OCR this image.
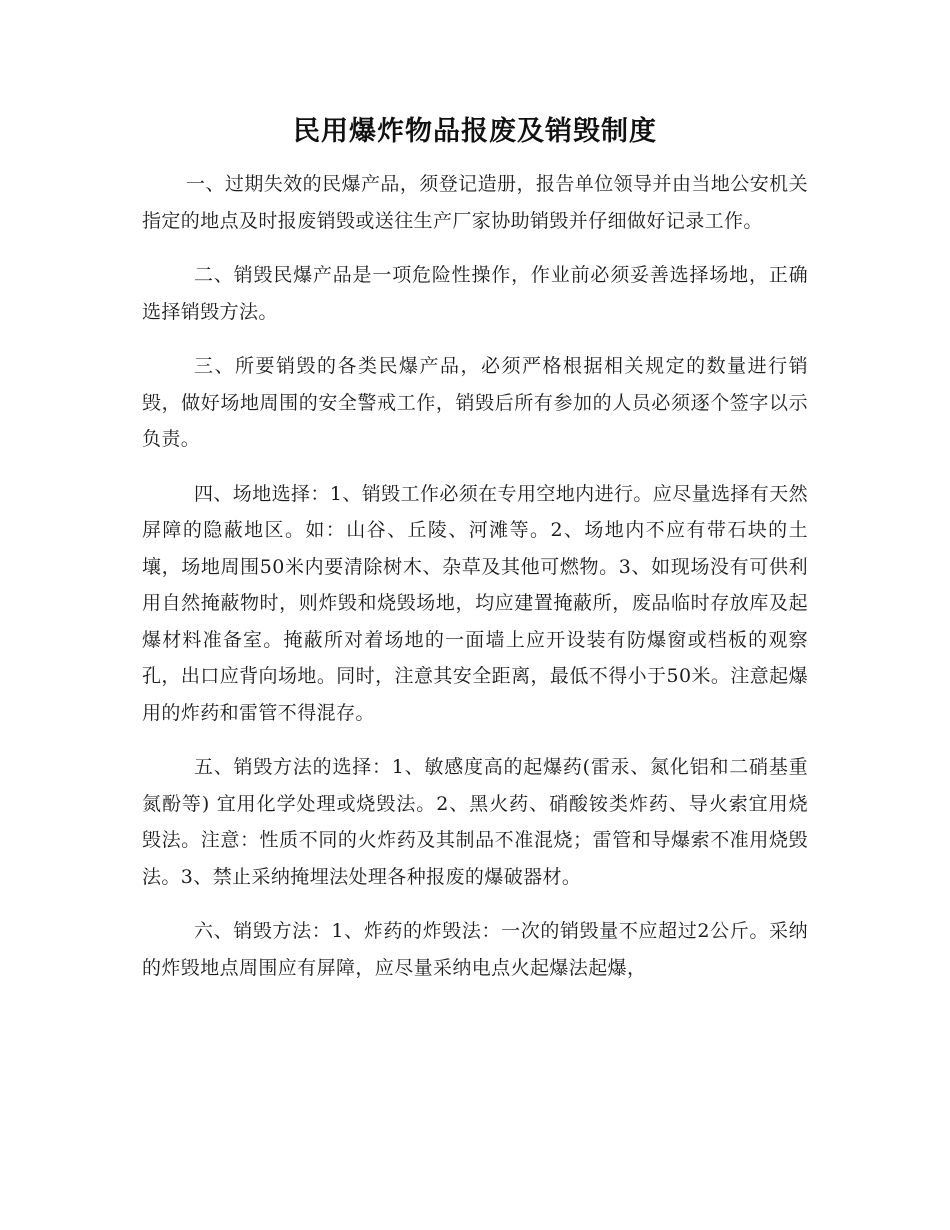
民用爆炸物品报废及销毁制度

一、过期失效的民爆产品，须登记造册，报告单位领导并由当地公安机关指定的地点及时报废销毁或送往生产厂家协助销毁并仔细做好记录工作。

二、销毁民爆产品是一项危险性操作，作业前必须妥善选择场地，正确选择销毁方法。

三、所要销毁的各类民爆产品，必须严格根据相关规定的数量进行销毁，做好场地周围的安全警戒工作，销毁后所有参加的人员必须逐个签字以示负责。

四、场地选择：1、销毁工作必须在专用空地内进行。应尽量选择有天然屏障的隐蔽地区。如：山谷、丘陵、河滩等。2、场地内不应有带石块的土壤，场地周围50米内要清除树木、杂草及其他可燃物。3、如现场没有可供利用自然掩蔽物时，则炸毁和烧毁场地，均应建置掩蔽所，废品临时存放库及起爆材料准备室。掩蔽所对着场地的一面墙上应开设装有防爆窗或档板的观察孔，出口应背向场地。同时，注意其安全距离，最低不得小于50米。注意起爆用的炸药和雷管不得混存。

五、销毁方法的选择：1、敏感度高的起爆药(雷汞、氮化铝和二硝基重氮酚等) 宜用化学处理或烧毁法。2、黑火药、硝酸铵类炸药、导火索宜用烧毁法。注意：性质不同的火炸药及其制品不准混烧；雷管和导爆索不准用烧毁法。3、禁止采纳掩埋法处理各种报废的爆破器材。

六、销毁方法：1、炸药的炸毁法：一次的销毁量不应超过2公斤。采纳的炸毁地点周围应有屏障，应尽量采纳电点火起爆法起爆，
